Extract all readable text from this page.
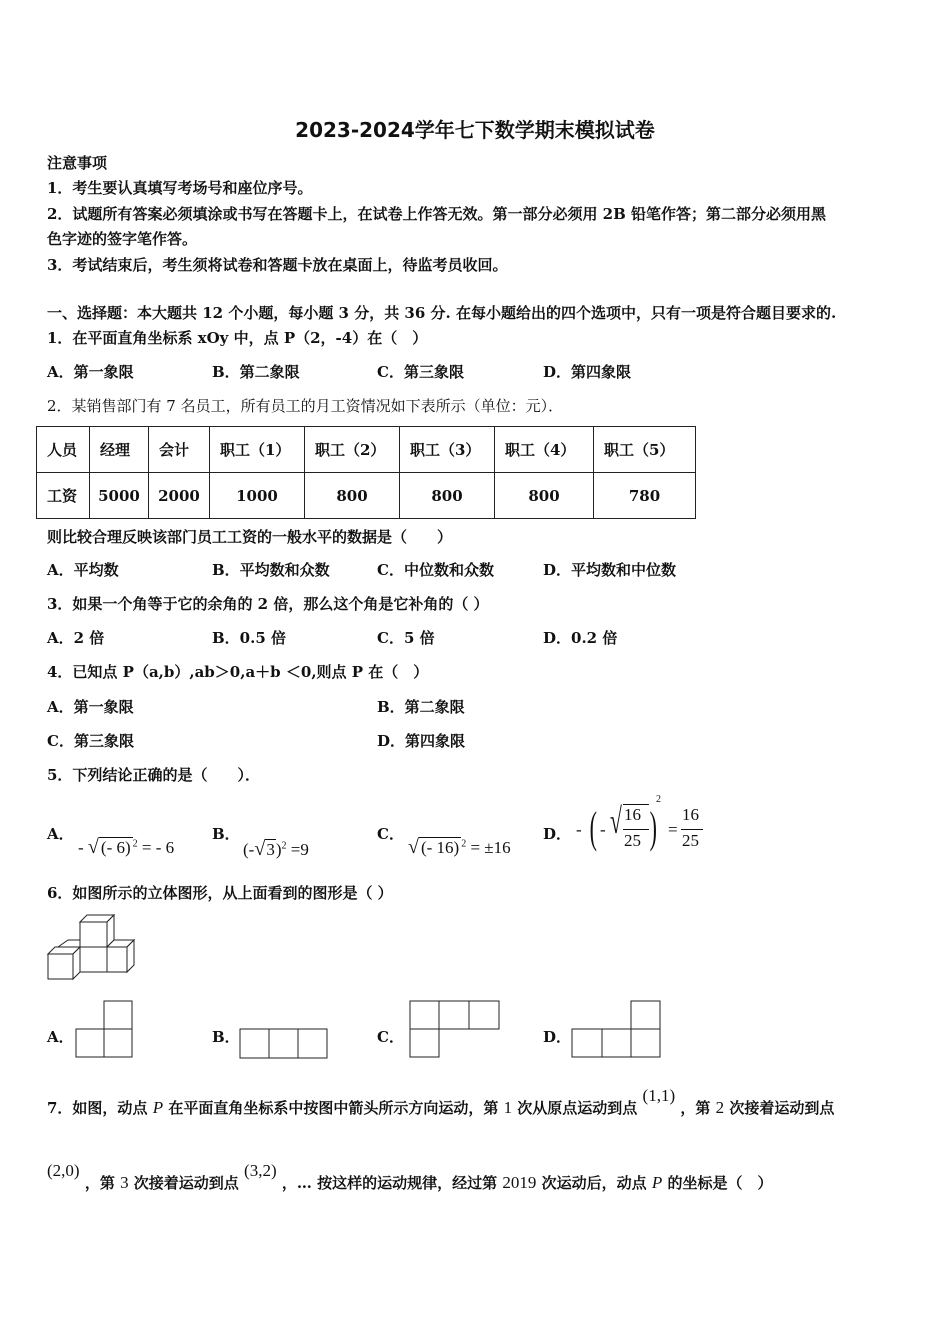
2023-2024学年七下数学期末模拟试卷
注意事项
1．考生要认真填写考场号和座位序号。
2．试题所有答案必须填涂或书写在答题卡上，在试卷上作答无效。第一部分必须用 2B 铅笔作答；第二部分必须用黑
色字迹的签字笔作答。
3．考试结束后，考生须将试卷和答题卡放在桌面上，待监考员收回。
一、选择题：本大题共 12 个小题，每小题 3 分，共 36 分. 在每小题给出的四个选项中，只有一项是符合题目要求的.
1．在平面直角坐标系 xOy 中，点 P（2，-4）在（　）
A．第一象限	B．第二象限	C．第三象限	D．第四象限
2．某销售部门有 7 名员工，所有员工的月工资情况如下表所示（单位：元）．
人员	经理	会计	职工（1）	职工（2）	职工（3）	职工（4）	职工（5）
工资	5000	2000	1000	800	800	800	780
则比较合理反映该部门员工工资的一般水平的数据是（　　）
A．平均数	B．平均数和众数	C．中位数和众数	D．平均数和中位数
3．如果一个角等于它的余角的 2 倍，那么这个角是它补角的（ ）
A．2 倍	B．0.5 倍	C．5 倍	D．0.2 倍
4．已知点 P（a,b）,ab＞0,a＋b ＜0,则点 P 在（　）
A．第一象限	B．第二象限
C．第三象限	D．第四象限
5．下列结论正确的是（　　）．
A．	B．	C．	D．
- √ (- 6) $^2$ = - 6	$(-√3)^2 =9$	√ (- 16) $^2$ = ±16
- ( - √ 16
25 )
2
=
16
25
6．如图所示的立体图形，从上面看到的图形是（ ）
A．	B．	C．	D．
7．如图，动点 P 在平面直角坐标系中按图中箭头所示方向运动，第 1 次从原点运动到点 (1,1) ，第 2 次接着运动到点
(2,0) ，第 3 次接着运动到点 (3,2) ，… 按这样的运动规律，经过第 2019 次运动后，动点 P 的坐标是（　）
